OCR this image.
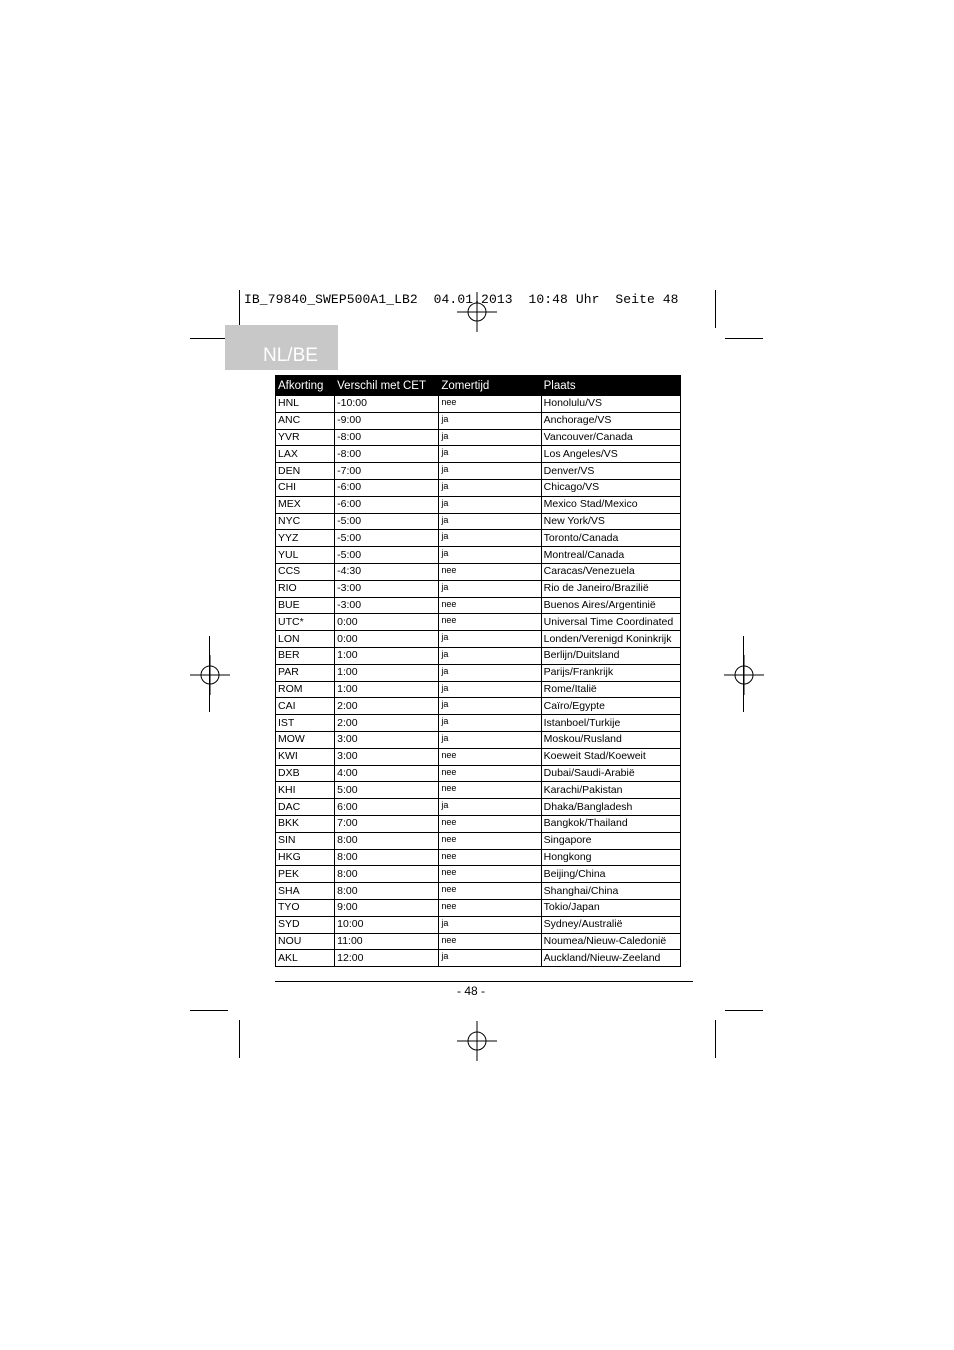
IB_79840_SWEP500A1_LB2  04.01.2013  10:48 Uhr  Seite 48
NL/BE
Afkorting	Verschil met CET	Zomertijd	Plaats
HNL	-10:00	nee	Honolulu/VS
ANC	-9:00	ja	Anchorage/VS
YVR	-8:00	ja	Vancouver/Canada
LAX	-8:00	ja	Los Angeles/VS
DEN	-7:00	ja	Denver/VS
CHI	-6:00	ja	Chicago/VS
MEX	-6:00	ja	Mexico Stad/Mexico
NYC	-5:00	ja	New York/VS
YYZ	-5:00	ja	Toronto/Canada
YUL	-5:00	ja	Montreal/Canada
CCS	-4:30	nee	Caracas/Venezuela
RIO	-3:00	ja	Rio de Janeiro/Brazilië
BUE	-3:00	nee	Buenos Aires/Argentinië
UTC*	0:00	nee	Universal Time Coordinated
LON	0:00	ja	Londen/Verenigd Koninkrijk
BER	1:00	ja	Berlijn/Duitsland
PAR	1:00	ja	Parijs/Frankrijk
ROM	1:00	ja	Rome/Italië
CAI	2:00	ja	Caïro/Egypte
IST	2:00	ja	Istanboel/Turkije
MOW	3:00	ja	Moskou/Rusland
KWI	3:00	nee	Koeweit Stad/Koeweit
DXB	4:00	nee	Dubai/Saudi-Arabië
KHI	5:00	nee	Karachi/Pakistan
DAC	6:00	ja	Dhaka/Bangladesh
BKK	7:00	nee	Bangkok/Thailand
SIN	8:00	nee	Singapore
HKG	8:00	nee	Hongkong
PEK	8:00	nee	Beijing/China
SHA	8:00	nee	Shanghai/China
TYO	9:00	nee	Tokio/Japan
SYD	10:00	ja	Sydney/Australië
NOU	11:00	nee	Noumea/Nieuw-Caledonië
AKL	12:00	ja	Auckland/Nieuw-Zeeland
- 48 -
